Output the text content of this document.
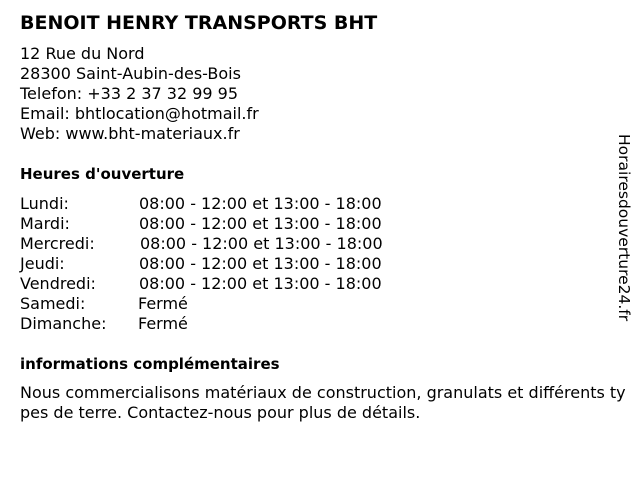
BENOIT HENRY TRANSPORTS BHT
12 Rue du Nord
28300 Saint-Aubin-des-Bois
Telefon: +33 2 37 32 99 95
Email: bhtlocation@hotmail.fr
Web: www.bht-materiaux.fr
Heures d'ouverture
Lundi:	08:00 - 12:00 et 13:00 - 18:00
Mardi:	08:00 - 12:00 et 13:00 - 18:00
Mercredi:	08:00 - 12:00 et 13:00 - 18:00
Jeudi:	08:00 - 12:00 et 13:00 - 18:00
Vendredi:	08:00 - 12:00 et 13:00 - 18:00
Samedi:	Fermé
Dimanche: Fermé
informations complémentaires
Nous commercialisons matériaux de construction, granulats et différents types de terre. Contactez-nous pour plus de détails.
Horairesdouverture24.fr
